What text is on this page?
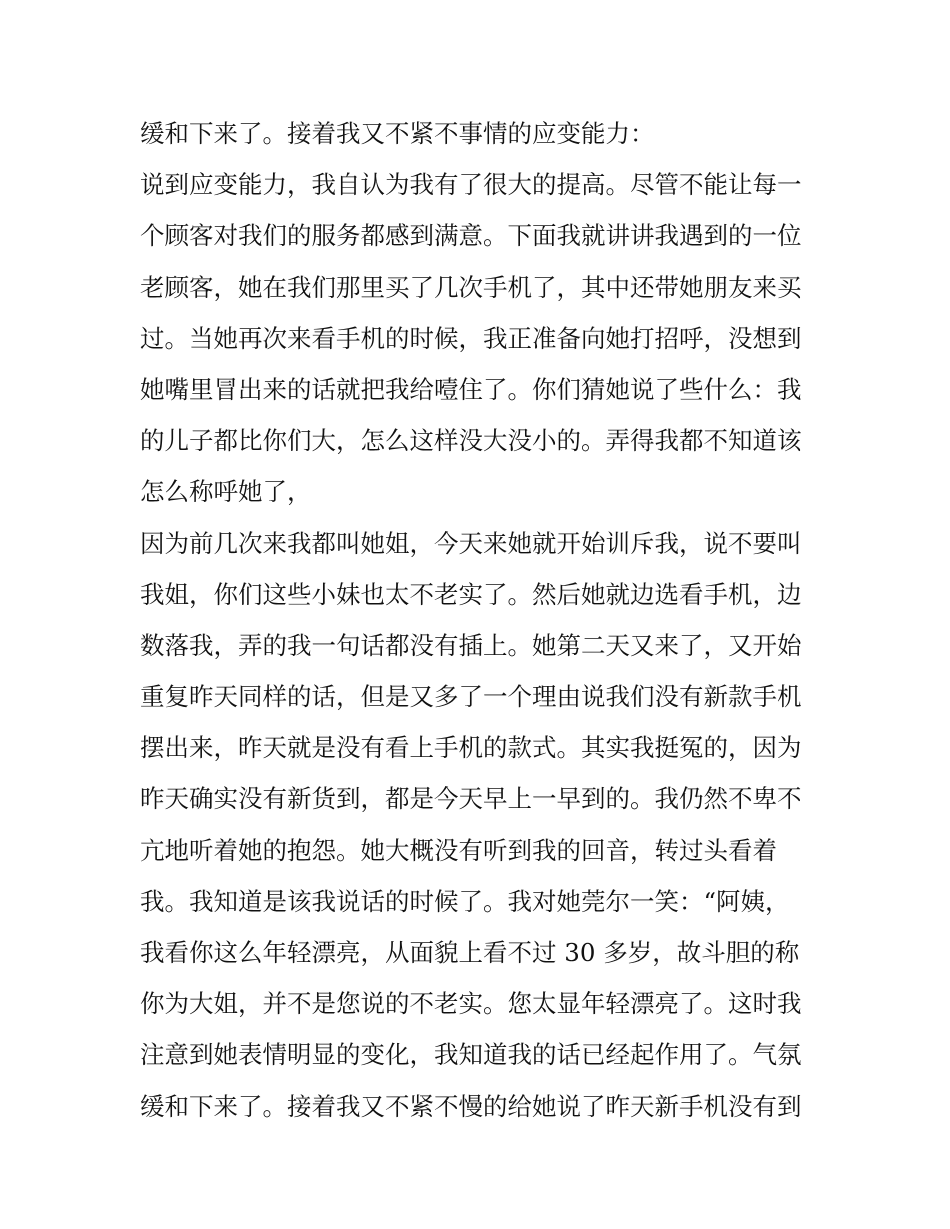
缓和下来了。接着我又不紧不事情的应变能力：
说到应变能力，我自认为我有了很大的提高。尽管不能让每一
个顾客对我们的服务都感到满意。下面我就讲讲我遇到的一位
老顾客，她在我们那里买了几次手机了，其中还带她朋友来买
过。当她再次来看手机的时候，我正准备向她打招呼，没想到
她嘴里冒出来的话就把我给噎住了。你们猜她说了些什么：我
的儿子都比你们大，怎么这样没大没小的。弄得我都不知道该
怎么称呼她了，
因为前几次来我都叫她姐，今天来她就开始训斥我，说不要叫
我姐，你们这些小妹也太不老实了。然后她就边选看手机，边
数落我，弄的我一句话都没有插上。她第二天又来了，又开始
重复昨天同样的话，但是又多了一个理由说我们没有新款手机
摆出来，昨天就是没有看上手机的款式。其实我挺冤的，因为
昨天确实没有新货到，都是今天早上一早到的。我仍然不卑不
亢地听着她的抱怨。她大概没有听到我的回音，转过头看着
我。我知道是该我说话的时候了。我对她莞尔一笑：“阿姨，
我看你这么年轻漂亮，从面貌上看不过 30 多岁，故斗胆的称
你为大姐，并不是您说的不老实。您太显年轻漂亮了。这时我
注意到她表情明显的变化，我知道我的话已经起作用了。气氛
缓和下来了。接着我又不紧不慢的给她说了昨天新手机没有到
